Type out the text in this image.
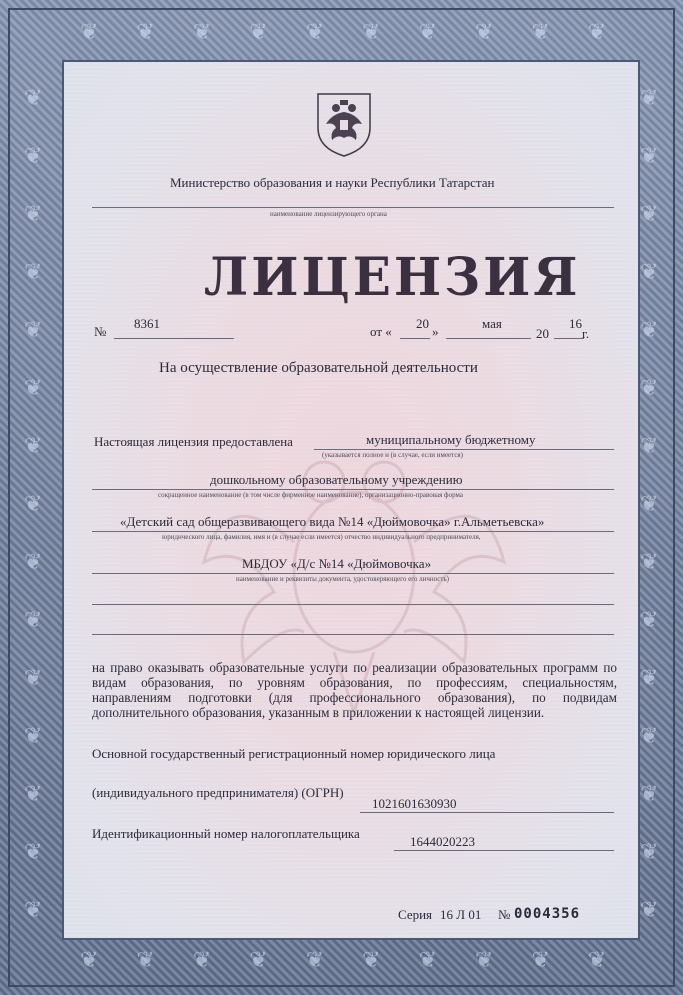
❦❦❦❦❦❦❦❦❦❦
❦❦❦❦❦❦❦❦❦❦
❦ ❦ ❦ ❦ ❦ ❦ ❦ ❦ ❦ ❦ ❦ ❦ ❦ ❦ ❦
❦ ❦ ❦ ❦ ❦ ❦ ❦ ❦ ❦ ❦ ❦ ❦ ❦ ❦ ❦
Министерство образования и науки Республики Татарстан
наименование лицензирующего органа
ЛИЦЕНЗИЯ
№
8361
от «
20
»
мая
20
16
г.
На осуществление образовательной деятельности
Настоящая лицензия предоставлена	муниципальному бюджетному
(указывается полное и (в случае, если имеется)
дошкольному образовательному учреждению
сокращенное наименование (в том числе фирменное наименование), организационно-правовая форма
«Детский сад общеразвивающего вида №14 «Дюймовочка» г.Альметьевска»
юридического лица, фамилия, имя и (в случае если имеется) отчество индивидуального предпринимателя,
МБДОУ «Д/с №14 «Дюймовочка»
наименование и реквизиты документа, удостоверяющего его личность)
на право оказывать образовательные услуги по реализации образовательных программ по видам образования, по уровням образования, по профессиям, специальностям, направлениям подготовки (для профессионального образования), по подвидам дополнительного образования, указанным в приложении к настоящей лицензии.
Основной государственный регистрационный номер юридического лица
(индивидуального предпринимателя) (ОГРН)
1021601630930
Идентификационный номер налогоплательщика
1644020223
Серия 16 Л 01 № 0004356
